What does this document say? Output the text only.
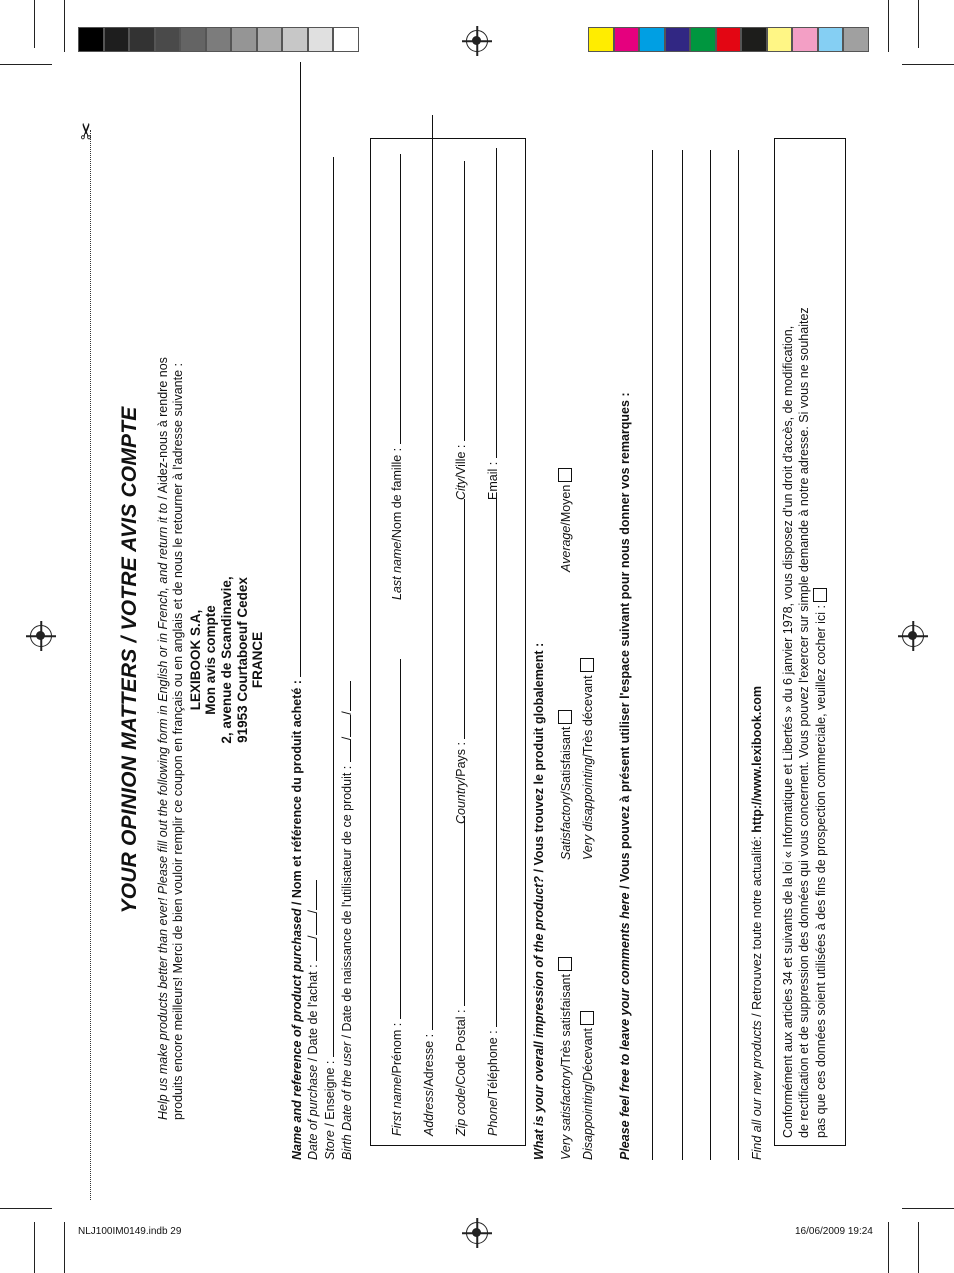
✂
YOUR OPINION MATTERS / VOTRE AVIS COMPTE Help us make products better than ever! Please fill out the following form in English or in French, and return it to / Aidez-nous à rendre nos produits encore meilleurs! Merci de bien vouloir remplir ce coupon en français ou en anglais et de nous le retourner à l'adresse suivante : LEXIBOOK S.A, Mon avis compte 2, avenue de Scandinavie, 91953 Courtaboeuf Cedex FRANCE
Name and reference of product purchased / Nom et référence du produit acheté :
Date of purchase / Date de l'achat : //
Store / Enseigne : Birth Date of the user / Date de naissance de l'utilisateur de ce produit : //
First name/Prénom :
Last name/Nom de famille :
Address/Adresse :
Zip code/Code Postal :
Country/Pays :
City/Ville :
Phone/Téléphone :
Email :
What is your overall impression of the product? / Vous trouvez le produit globalement :
Very satisfactory/Très satisfaisant
Satisfactory/Satisfaisant
Average/Moyen
Disappointing/Décevant
Very disappointing/Très décevant
Please feel free to leave your comments here / Vous pouvez à présent utiliser l'espace suivant pour nous donner vos remarques :
Find all our new products / Retrouvez toute notre actualité: http://www.lexibook.com Conformément aux articles 34 et suivants de la loi « Informatique et Libertés » du 6 janvier 1978, vous disposez d'un droit d'accès, de modification, de rectification et de suppression des données qui vous concernent. Vous pouvez l'exercer sur simple demande à notre adresse. Si vous ne souhaitez pas que ces données soient utilisées à des fins de prospection commerciale, veuillez cocher ici :
NLJ100IM0149.indb 29	16/06/2009 19:24
